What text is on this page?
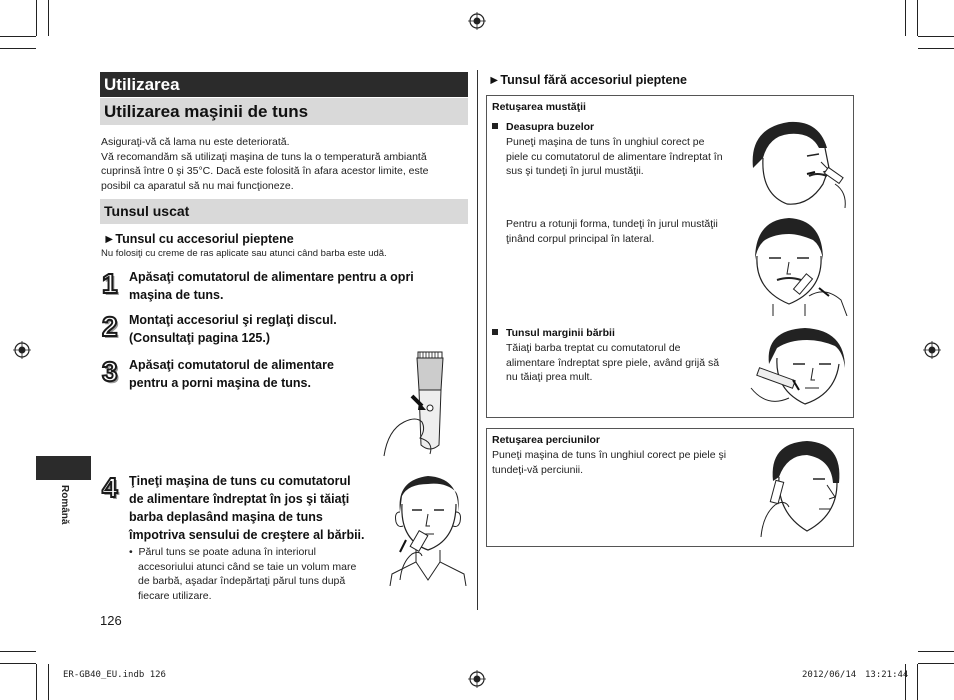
Utilizarea
Utilizarea maşinii de tuns
Asiguraţi-vă că lama nu este deteriorată.
Vă recomandăm să utilizaţi maşina de tuns la o temperatură ambiantă
cuprinsă între 0 şi 35°C. Dacă este folosită în afara acestor limite, este
posibil ca aparatul să nu mai funcţioneze.
Tunsul uscat
►Tunsul cu accesoriul pieptene
Nu folosiţi cu creme de ras aplicate sau atunci când barba este udă.
1 Apăsaţi comutatorul de alimentare pentru a opri
maşina de tuns.
2 Montaţi accesoriul şi reglaţi discul.
(Consultaţi pagina 125.)
3 Apăsaţi comutatorul de alimentare
pentru a porni maşina de tuns.
4 Ţineţi maşina de tuns cu comutatorul
de alimentare îndreptat în jos şi tăiaţi
barba deplasând maşina de tuns
împotriva sensului de creştere al bărbii.
• Părul tuns se poate aduna în interiorul
accesoriului atunci când se taie un volum mare
de barbă, aşadar îndepărtaţi părul tuns după
fiecare utilizare.
Română
126
►Tunsul fără accesoriul pieptene
Retuşarea mustăţii
Deasupra buzelor
Puneţi maşina de tuns în unghiul corect pe
piele cu comutatorul de alimentare îndreptat în
sus şi tundeţi în jurul mustăţii.
Pentru a rotunji forma, tundeţi în jurul mustăţii
ţinând corpul principal în lateral.
Tunsul marginii bărbii
Tăiaţi barba treptat cu comutatorul de
alimentare îndreptat spre piele, având grijă să
nu tăiaţi prea mult.
Retuşarea perciunilor
Puneţi maşina de tuns în unghiul corect pe piele şi
tundeţi-vă perciunii.
ER-GB40_EU.indb 126	2012/06/14 13:21:44
